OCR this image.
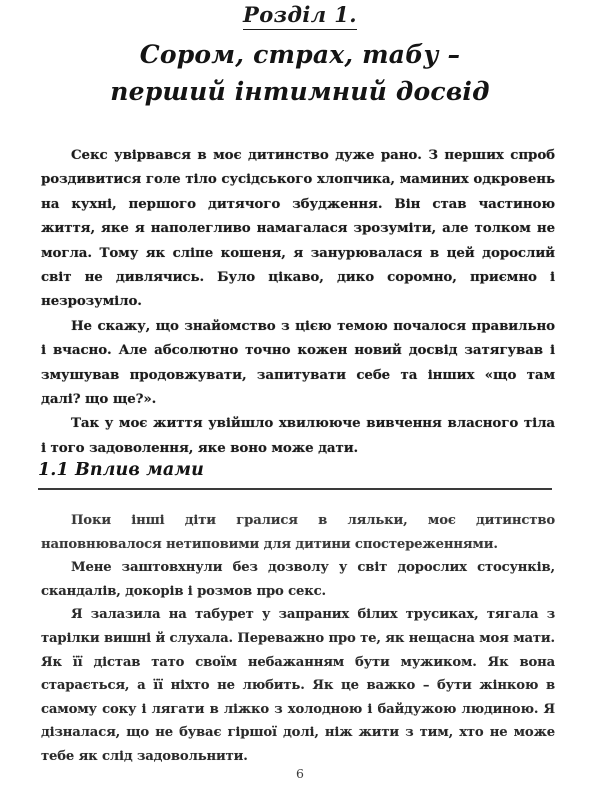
Розділ 1.
Сором, страх, табу –
перший інтимний досвід

Секс увірвався в моє дитинство дуже рано. З перших спроб роздивитися голе тіло сусідського хлопчика, маминих одкровень на кухні, першого дитячого збудження. Він став частиною життя, яке я наполегливо намагалася зрозуміти, але толком не могла. Тому як сліпе кошеня, я занурювалася в цей дорослий світ не дивлячись. Було цікаво, дико соромно, приємно і незрозуміло.

Не скажу, що знайомство з цією темою почалося правильно і вчасно. Але абсолютно точно кожен новий досвід затягував і змушував продовжувати, запитувати себе та інших «що там далі? що ще?».

Так у моє життя увійшло хвилююче вивчення власного тіла і того задоволення, яке воно може дати.

1.1 Вплив мами

Поки інші діти гралися в ляльки, моє дитинство наповнювалося нетиповими для дитини спостереженнями.

Мене заштовхнули без дозволу у світ дорослих стосунків, скандалів, докорів і розмов про секс.

Я залазила на табурет у запраних білих трусиках, тягала з тарілки вишні й слухала. Переважно про те, як нещасна моя мати. Як її дістав тато своїм небажанням бути мужиком. Як вона старається, а її ніхто не любить. Як це важко – бути жінкою в самому соку і лягати в ліжко з холодною і байдужою людиною. Я дізналася, що не буває гіршої долі, ніж жити з тим, хто не може тебе як слід задовольнити.

6
